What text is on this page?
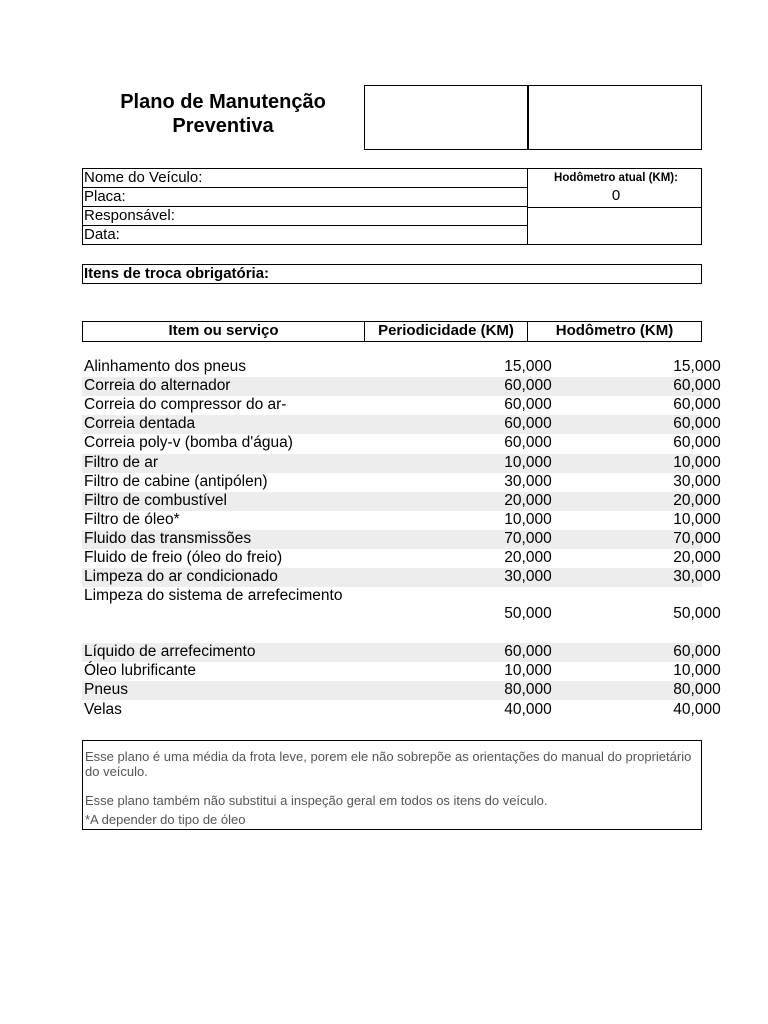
Plano de Manutenção
Preventiva
Nome do Veículo:
Placa:
Responsável:
Data:
Hodômetro atual (KM):
0
Itens de troca obrigatória:
Item ou serviço	Periodicidade (KM)	Hodômetro (KM)
Alinhamento dos pneus	15,000	15,000
Correia do alternador	60,000	60,000
Correia do compressor do ar-	60,000	60,000
Correia dentada	60,000	60,000
Correia poly-v (bomba d'água)	60,000	60,000
Filtro de ar	10,000	10,000
Filtro de cabine (antipólen)	30,000	30,000
Filtro de combustível	20,000	20,000
Filtro de óleo*	10,000	10,000
Fluido das transmissões	70,000	70,000
Fluido de freio (óleo do freio)	20,000	20,000
Limpeza do ar condicionado	30,000	30,000
Limpeza do sistema de arrefecimento
50,000	50,000
Líquido de arrefecimento	60,000	60,000
Óleo lubrificante	10,000	10,000
Pneus	80,000	80,000
Velas	40,000	40,000
Esse plano é uma média da frota leve, porem ele não sobrepõe as orientações do manual do proprietário do veículo.
Esse plano também não substitui a inspeção geral em todos os itens do veículo.
*A depender do tipo de óleo
